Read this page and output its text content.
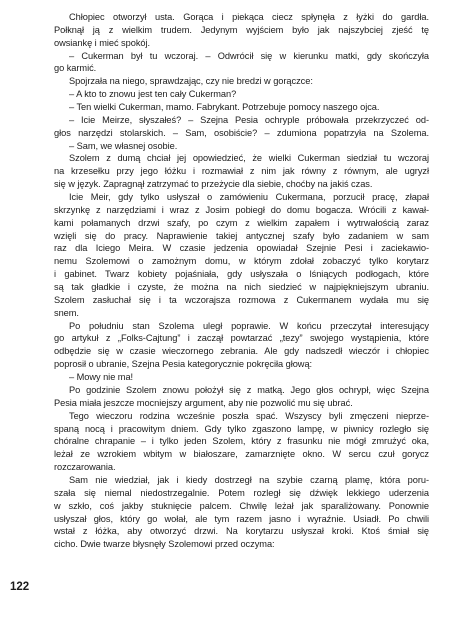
Chłopiec otworzył usta. Gorąca i piekąca ciecz spłynęła z łyżki do gardła.
Połknął ją z wielkim trudem. Jedynym wyjściem było jak najszybciej zjeść tę
owsiankę i mieć spokój.
– Cukerman był tu wczoraj. – Odwrócił się w kierunku matki, gdy skończyła
go karmić.
Spojrzała na niego, sprawdzając, czy nie bredzi w gorączce:
– A kto to znowu jest ten cały Cukerman?
– Ten wielki Cukerman, mamo. Fabrykant. Potrzebuje pomocy naszego ojca.
– Icie Meirze, słyszałeś? – Szejna Pesia ochryple próbowała przekrzyczeć od-
głos narzędzi stolarskich. – Sam, osobiście? – zdumiona popatrzyła na Szolema.
– Sam, we własnej osobie.
Szolem z dumą chciał jej opowiedzieć, że wielki Cukerman siedział tu wczoraj
na krzesełku przy jego łóżku i rozmawiał z nim jak równy z równym, ale ugryzł
się w język. Zapragnął zatrzymać to przeżycie dla siebie, choćby na jakiś czas.
Icie Meir, gdy tylko usłyszał o zamówieniu Cukermana, porzucił pracę, złapał
skrzynkę z narzędziami i wraz z Josim pobiegł do domu bogacza. Wrócili z kawał-
kami połamanych drzwi szafy, po czym z wielkim zapałem i wytrwałością zaraz
wzięli się do pracy. Naprawienie takiej antycznej szafy było zadaniem w sam
raz dla Iciego Meira. W czasie jedzenia opowiadał Szejnie Pesi i zaciekawio-
nemu Szolemowi o zamożnym domu, w którym zdołał zobaczyć tylko korytarz
i gabinet. Twarz kobiety pojaśniała, gdy usłyszała o lśniących podłogach, które
są tak gładkie i czyste, że można na nich siedzieć w najpiękniejszym ubraniu.
Szolem zasłuchał się i ta wczorajsza rozmowa z Cukermanem wydała mu się
snem.
Po południu stan Szolema uległ poprawie. W końcu przeczytał interesujący
go artykuł z „Folks-Cajtung” i zaczął powtarzać „tezy” swojego wystąpienia, które
odbędzie się w czasie wieczornego zebrania. Ale gdy nadszedł wieczór i chłopiec
poprosił o ubranie, Szejna Pesia kategorycznie pokręciła głową:
– Mowy nie ma!
Po godzinie Szolem znowu położył się z matką. Jego głos ochrypł, więc Szejna
Pesia miała jeszcze mocniejszy argument, aby nie pozwolić mu się ubrać.
Tego wieczoru rodzina wcześnie poszła spać. Wszyscy byli zmęczeni nieprze-
spaną nocą i pracowitym dniem. Gdy tylko zgaszono lampę, w piwnicy rozległo się
chóralne chrapanie – i tylko jeden Szolem, który z frasunku nie mógł zmrużyć oka,
leżał ze wzrokiem wbitym w białoszare, zamarznięte okno. W sercu czuł gorycz
rozczarowania.
Sam nie wiedział, jak i kiedy dostrzegł na szybie czarną plamę, która poru-
szała się niemal niedostrzegalnie. Potem rozległ się dźwięk lekkiego uderzenia
w szkło, coś jakby stuknięcie palcem. Chwilę leżał jak sparaliżowany. Ponownie
usłyszał głos, który go wołał, ale tym razem jasno i wyraźnie. Usiadł. Po chwili
wstał z łóżka, aby otworzyć drzwi. Na korytarzu usłyszał kroki. Ktoś śmiał się
cicho. Dwie twarze błysnęły Szolemowi przed oczyma:
122
